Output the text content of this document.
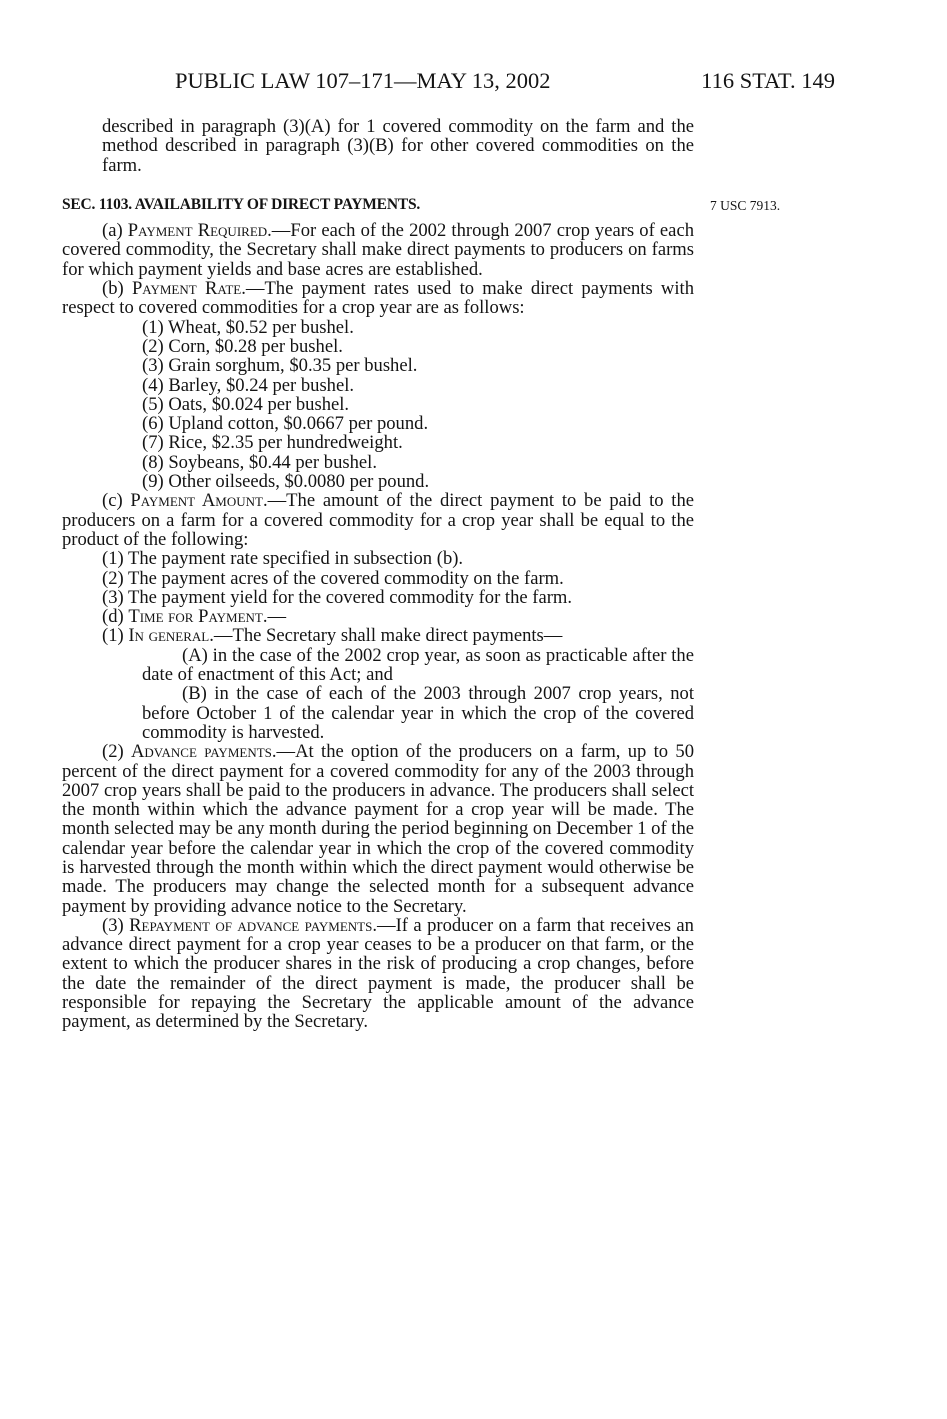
PUBLIC LAW 107–171—MAY 13, 2002	116 STAT. 149

described in paragraph (3)(A) for 1 covered commodity on the farm and the method described in paragraph (3)(B) for other covered commodities on the farm.

SEC. 1103. AVAILABILITY OF DIRECT PAYMENTS.	7 USC 7913.

(a) Payment Required.—For each of the 2002 through 2007 crop years of each covered commodity, the Secretary shall make direct payments to producers on farms for which payment yields and base acres are established.

(b) Payment Rate.—The payment rates used to make direct payments with respect to covered commodities for a crop year are as follows:

(1) Wheat, $0.52 per bushel.

(2) Corn, $0.28 per bushel.

(3) Grain sorghum, $0.35 per bushel.

(4) Barley, $0.24 per bushel.

(5) Oats, $0.024 per bushel.

(6) Upland cotton, $0.0667 per pound.

(7) Rice, $2.35 per hundredweight.

(8) Soybeans, $0.44 per bushel.

(9) Other oilseeds, $0.0080 per pound.

(c) Payment Amount.—The amount of the direct payment to be paid to the producers on a farm for a covered commodity for a crop year shall be equal to the product of the following:

(1) The payment rate specified in subsection (b).

(2) The payment acres of the covered commodity on the farm.

(3) The payment yield for the covered commodity for the farm.

(d) Time for Payment.—

(1) In general.—The Secretary shall make direct payments—

(A) in the case of the 2002 crop year, as soon as practicable after the date of enactment of this Act; and

(B) in the case of each of the 2003 through 2007 crop years, not before October 1 of the calendar year in which the crop of the covered commodity is harvested.

(2) Advance payments.—At the option of the producers on a farm, up to 50 percent of the direct payment for a covered commodity for any of the 2003 through 2007 crop years shall be paid to the producers in advance. The producers shall select the month within which the advance payment for a crop year will be made. The month selected may be any month during the period beginning on December 1 of the calendar year before the calendar year in which the crop of the covered commodity is harvested through the month within which the direct payment would otherwise be made. The producers may change the selected month for a subsequent advance payment by providing advance notice to the Secretary.

(3) Repayment of advance payments.—If a producer on a farm that receives an advance direct payment for a crop year ceases to be a producer on that farm, or the extent to which the producer shares in the risk of producing a crop changes, before the date the remainder of the direct payment is made, the producer shall be responsible for repaying the Secretary the applicable amount of the advance payment, as determined by the Secretary.
